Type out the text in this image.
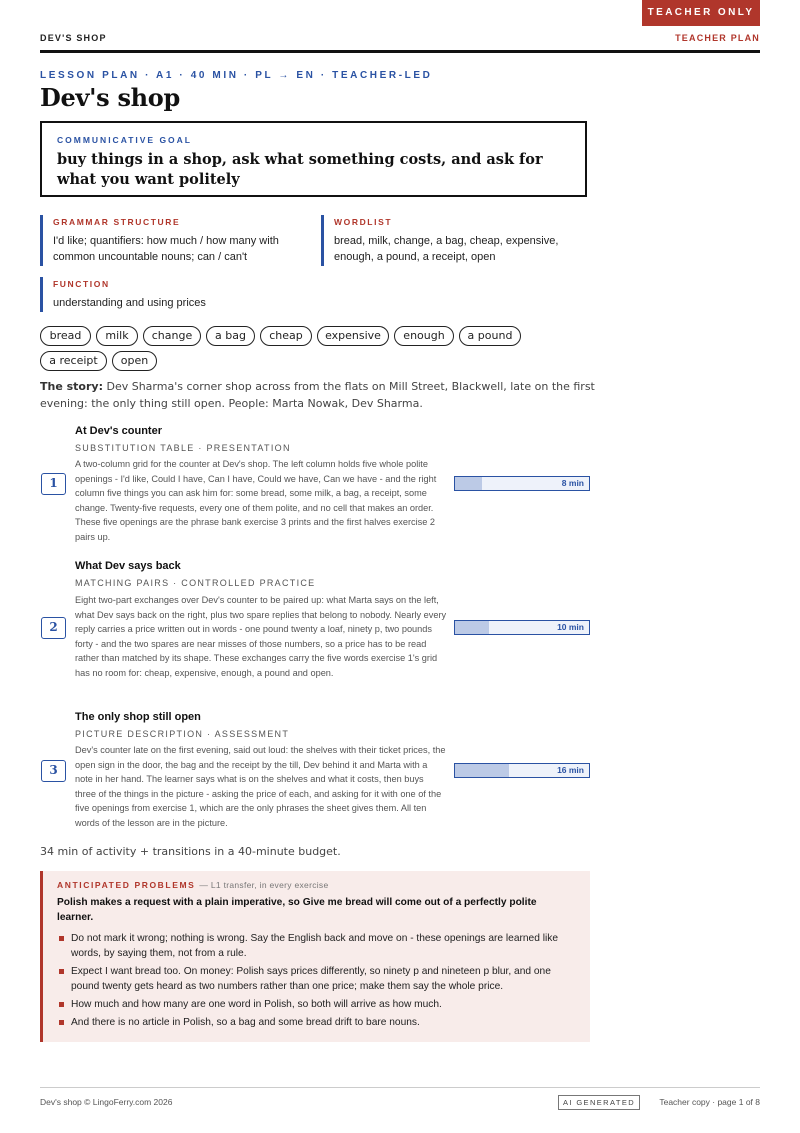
TEACHER ONLY
DEV'S SHOP	TEACHER PLAN
LESSON PLAN · A1 · 40 MIN · PL → EN · TEACHER-LED
Dev's shop
COMMUNICATIVE GOAL
buy things in a shop, ask what something costs, and ask for what you want politely
GRAMMAR STRUCTURE
I'd like; quantifiers: how much / how many with common uncountable nouns; can / can't
WORDLIST
bread, milk, change, a bag, cheap, expensive, enough, a pound, a receipt, open
FUNCTION
understanding and using prices
bread	milk	change	a bag	cheap	expensive	enough	a pound
a receipt	open
The story: Dev Sharma's corner shop across from the flats on Mill Street, Blackwell, late on the first evening: the only thing still open. People: Marta Nowak, Dev Sharma.
At Dev's counter
SUBSTITUTION TABLE · PRESENTATION
A two-column grid for the counter at Dev's shop. The left column holds five whole polite openings - I'd like, Could I have, Can I have, Could we have, Can we have - and the right column five things you can ask him for: some bread, some milk, a bag, a receipt, some change. Twenty-five requests, every one of them polite, and no cell that makes an order. These five openings are the phrase bank exercise 3 prints and the first halves exercise 2 pairs up.
1	8 min
What Dev says back
MATCHING PAIRS · CONTROLLED PRACTICE
Eight two-part exchanges over Dev's counter to be paired up: what Marta says on the left, what Dev says back on the right, plus two spare replies that belong to nobody. Nearly every reply carries a price written out in words - one pound twenty a loaf, ninety p, two pounds forty - and the two spares are near misses of those numbers, so a price has to be read rather than matched by its shape. These exchanges carry the five words exercise 1's grid has no room for: cheap, expensive, enough, a pound and open.
2	10 min
The only shop still open
PICTURE DESCRIPTION · ASSESSMENT
Dev's counter late on the first evening, said out loud: the shelves with their ticket prices, the open sign in the door, the bag and the receipt by the till, Dev behind it and Marta with a note in her hand. The learner says what is on the shelves and what it costs, then buys three of the things in the picture - asking the price of each, and asking for it with one of the five openings from exercise 1, which are the only phrases the sheet gives them. All ten words of the lesson are in the picture.
3	16 min
34 min of activity + transitions in a 40-minute budget.
ANTICIPATED PROBLEMS — L1 transfer, in every exercise
Polish makes a request with a plain imperative, so Give me bread will come out of a perfectly polite learner.
Do not mark it wrong; nothing is wrong. Say the English back and move on - these openings are learned like words, by saying them, not from a rule.
Expect I want bread too. On money: Polish says prices differently, so ninety p and nineteen p blur, and one pound twenty gets heard as two numbers rather than one price; make them say the whole price.
How much and how many are one word in Polish, so both will arrive as how much.
And there is no article in Polish, so a bag and some bread drift to bare nouns.
Dev's shop © LingoFerry.com 2026	AI GENERATED	Teacher copy · page 1 of 8
